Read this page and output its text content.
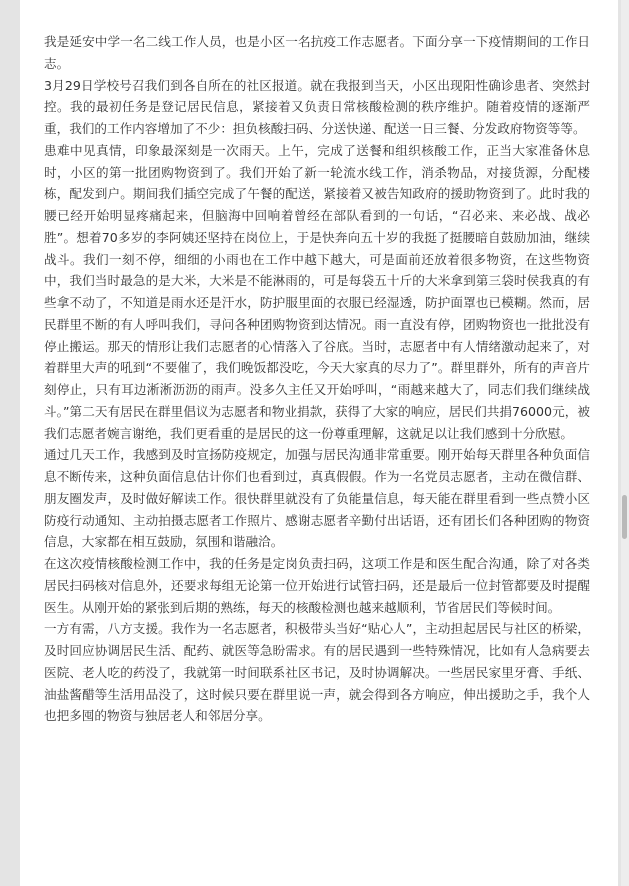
我是延安中学一名二线工作人员，也是小区一名抗疫工作志愿者。下面分享一下疫情期间的工作日志。

3月29日学校号召我们到各自所在的社区报道。就在我报到当天，小区出现阳性确诊患者、突然封控。我的最初任务是登记居民信息，紧接着又负责日常核酸检测的秩序维护。随着疫情的逐渐严重，我们的工作内容增加了不少：担负核酸扫码、分送快递、配送一日三餐、分发政府物资等等。

患难中见真情，印象最深刻是一次雨天。上午，完成了送餐和组织核酸工作，正当大家准备休息时，小区的第一批团购物资到了。我们开始了新一轮流水线工作，消杀物品，对接货源，分配楼栋，配发到户。期间我们插空完成了午餐的配送，紧接着又被告知政府的援助物资到了。此时我的腰已经开始明显疼痛起来，但脑海中回响着曾经在部队看到的一句话，“召必来、来必战、战必胜”。想着70多岁的李阿姨还坚持在岗位上，于是快奔向五十岁的我挺了挺腰暗自鼓励加油，继续战斗。我们一刻不停，细细的小雨也在工作中越下越大，可是面前还放着很多物资，在这些物资中，我们当时最急的是大米，大米是不能淋雨的，可是每袋五十斤的大米拿到第三袋时侯我真的有些拿不动了，不知道是雨水还是汗水，防护服里面的衣服已经湿透，防护面罩也已模糊。然而，居民群里不断的有人呼叫我们，寻问各种团购物资到达情况。雨一直没有停，团购物资也一批批没有停止搬运。那天的情形让我们志愿者的心情落入了谷底。当时，志愿者中有人情绪激动起来了，对着群里大声的吼到“不要催了，我们晚饭都没吃，今天大家真的尽力了”。群里群外，所有的声音片刻停止，只有耳边淅淅沥沥的雨声。没多久主任又开始呼叫，“雨越来越大了，同志们我们继续战斗。”第二天有居民在群里倡议为志愿者和物业捐款，获得了大家的响应，居民们共捐76000元，被我们志愿者婉言谢绝，我们更看重的是居民的这一份尊重理解，这就足以让我们感到十分欣慰。

通过几天工作，我感到及时宣扬防疫规定，加强与居民沟通非常重要。刚开始每天群里各种负面信息不断传来，这种负面信息估计你们也看到过，真真假假。作为一名党员志愿者，主动在微信群、朋友圈发声，及时做好解读工作。很快群里就没有了负能量信息，每天能在群里看到一些点赞小区防疫行动通知、主动拍摄志愿者工作照片、感谢志愿者辛勤付出话语，还有团长们各种团购的物资信息，大家都在相互鼓励，氛围和谐融洽。

在这次疫情核酸检测工作中，我的任务是定岗负责扫码，这项工作是和医生配合沟通，除了对各类居民扫码核对信息外，还要求每组无论第一位开始进行试管扫码，还是最后一位封管都要及时提醒医生。从刚开始的紧张到后期的熟练，每天的核酸检测也越来越顺利，节省居民们等候时间。

一方有需，八方支援。我作为一名志愿者，积极带头当好“贴心人”，主动担起居民与社区的桥梁，及时回应协调居民生活、配药、就医等急盼需求。有的居民遇到一些特殊情况，比如有人急病要去医院、老人吃的药没了，我就第一时间联系社区书记，及时协调解决。一些居民家里牙膏、手纸、油盐酱醋等生活用品没了，这时候只要在群里说一声，就会得到各方响应，伸出援助之手，我个人也把多囤的物资与独居老人和邻居分享。
